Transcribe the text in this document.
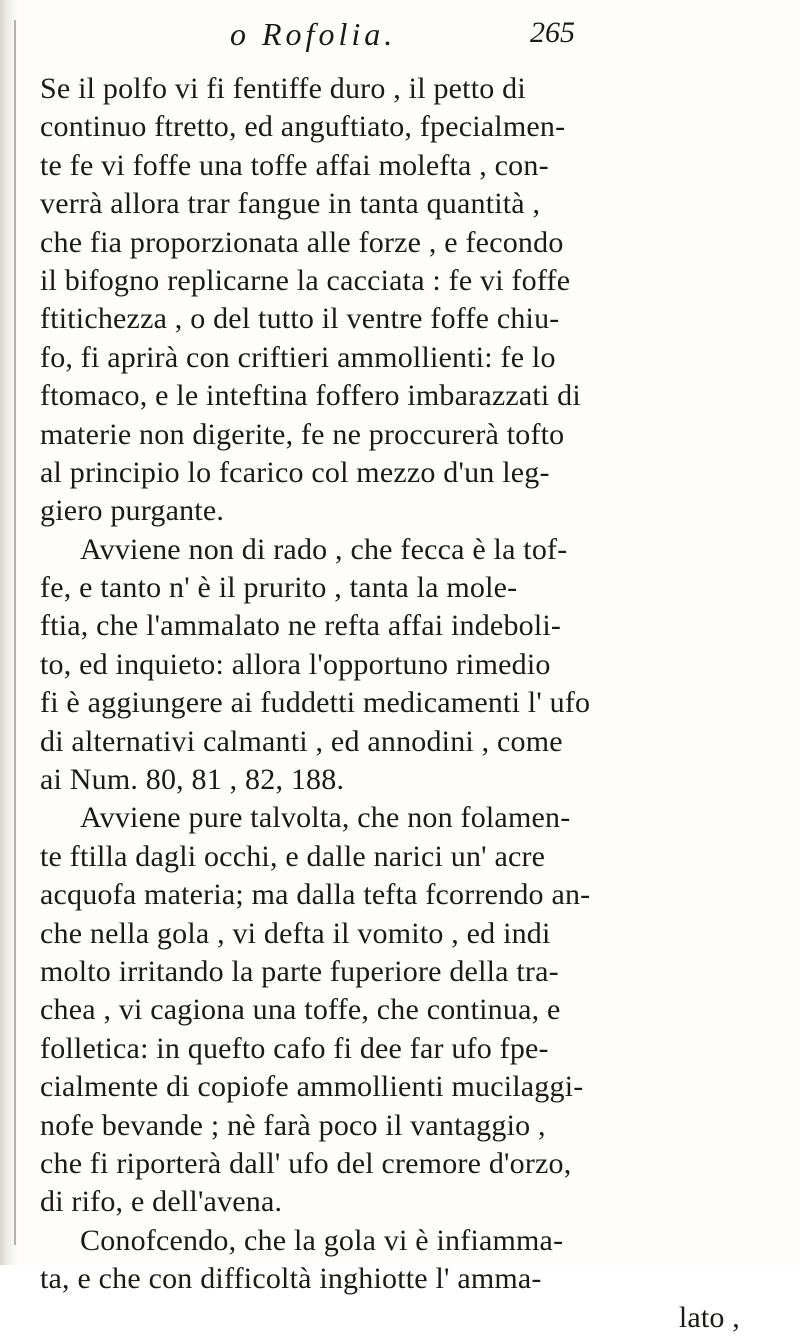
o Rofolia.	265
Se il polfo vi fi fentiffe duro , il petto di
continuo ftretto, ed anguftiato, fpecialmen-
te fe vi foffe una toffe affai molefta , con-
verrà allora trar fangue in tanta quantità ,
che fia proporzionata alle forze , e fecondo
il bifogno replicarne la cacciata : fe vi foffe
ftitichezza , o del tutto il ventre foffe chiu-
fo, fi aprirà con criftieri ammollienti: fe lo
ftomaco, e le inteftina foffero imbarazzati di
materie non digerite, fe ne proccurerà tofto
al principio lo fcarico col mezzo d'un leg-
giero purgante.
Avviene non di rado , che fecca è la tof-
fe, e tanto n' è il prurito , tanta la mole-
ftia, che l'ammalato ne refta affai indeboli-
to, ed inquieto: allora l'opportuno rimedio
fi è aggiungere ai fuddetti medicamenti l' ufo
di alternativi calmanti , ed annodini , come
ai Num. 80, 81 , 82, 188.
Avviene pure talvolta, che non folamen-
te ftilla dagli occhi, e dalle narici un' acre
acquofa materia; ma dalla tefta fcorrendo an-
che nella gola , vi defta il vomito , ed indi
molto irritando la parte fuperiore della tra-
chea , vi cagiona una toffe, che continua, e
folletica: in quefto cafo fi dee far ufo fpe-
cialmente di copiofe ammollienti mucilaggi-
nofe bevande ; nè farà poco il vantaggio ,
che fi riporterà dall' ufo del cremore d'orzo,
di rifo, e dell'avena.
Conofcendo, che la gola vi è infiamma-
ta, e che con difficoltà inghiotte l' amma-
lato ,
